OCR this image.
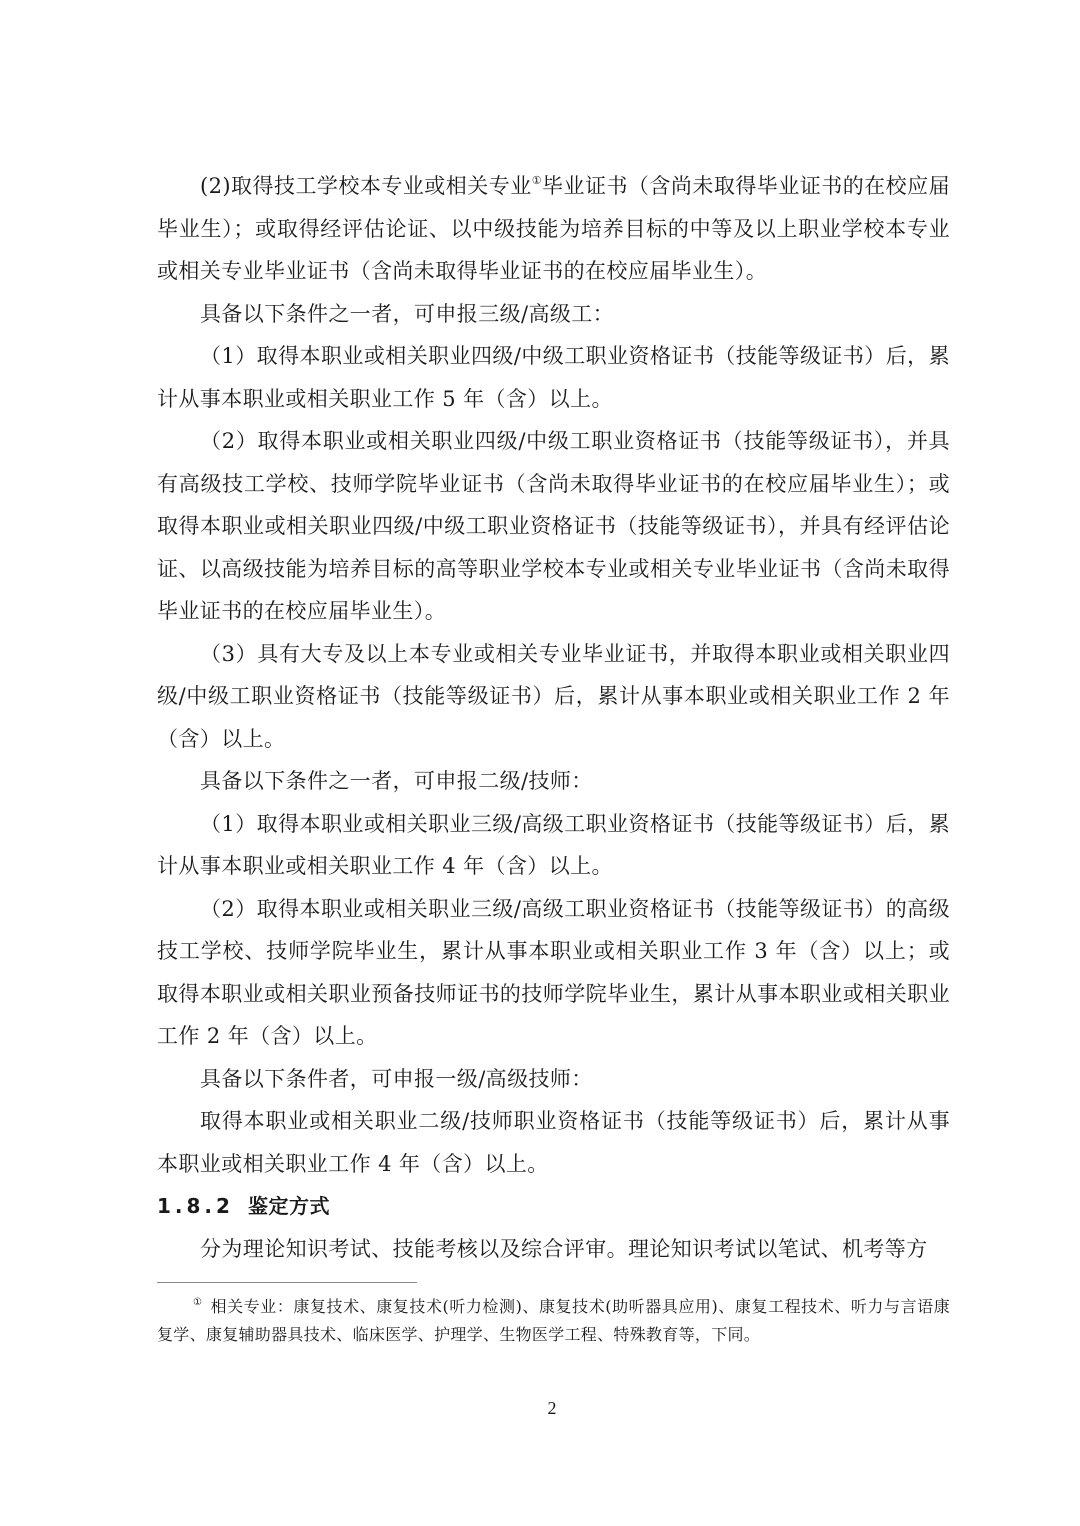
(2)取得技工学校本专业或相关专业①毕业证书（含尚未取得毕业证书的在校应届毕业生）；或取得经评估论证、以中级技能为培养目标的中等及以上职业学校本专业或相关专业毕业证书（含尚未取得毕业证书的在校应届毕业生）。

具备以下条件之一者，可申报三级/高级工：

（1）取得本职业或相关职业四级/中级工职业资格证书（技能等级证书）后，累计从事本职业或相关职业工作 5 年（含）以上。

（2）取得本职业或相关职业四级/中级工职业资格证书（技能等级证书），并具有高级技工学校、技师学院毕业证书（含尚未取得毕业证书的在校应届毕业生）；或取得本职业或相关职业四级/中级工职业资格证书（技能等级证书），并具有经评估论证、以高级技能为培养目标的高等职业学校本专业或相关专业毕业证书（含尚未取得毕业证书的在校应届毕业生）。

（3）具有大专及以上本专业或相关专业毕业证书，并取得本职业或相关职业四级/中级工职业资格证书（技能等级证书）后，累计从事本职业或相关职业工作 2 年（含）以上。

具备以下条件之一者，可申报二级/技师：

（1）取得本职业或相关职业三级/高级工职业资格证书（技能等级证书）后，累计从事本职业或相关职业工作 4 年（含）以上。

（2）取得本职业或相关职业三级/高级工职业资格证书（技能等级证书）的高级技工学校、技师学院毕业生，累计从事本职业或相关职业工作 3 年（含）以上；或取得本职业或相关职业预备技师证书的技师学院毕业生，累计从事本职业或相关职业工作 2 年（含）以上。

具备以下条件者，可申报一级/高级技师：

取得本职业或相关职业二级/技师职业资格证书（技能等级证书）后，累计从事本职业或相关职业工作 4 年（含）以上。

1.8.2 鉴定方式

分为理论知识考试、技能考核以及综合评审。理论知识考试以笔试、机考等方

① 相关专业：康复技术、康复技术(听力检测)、康复技术(助听器具应用)、康复工程技术、听力与言语康复学、康复辅助器具技术、临床医学、护理学、生物医学工程、特殊教育等，下同。

2
